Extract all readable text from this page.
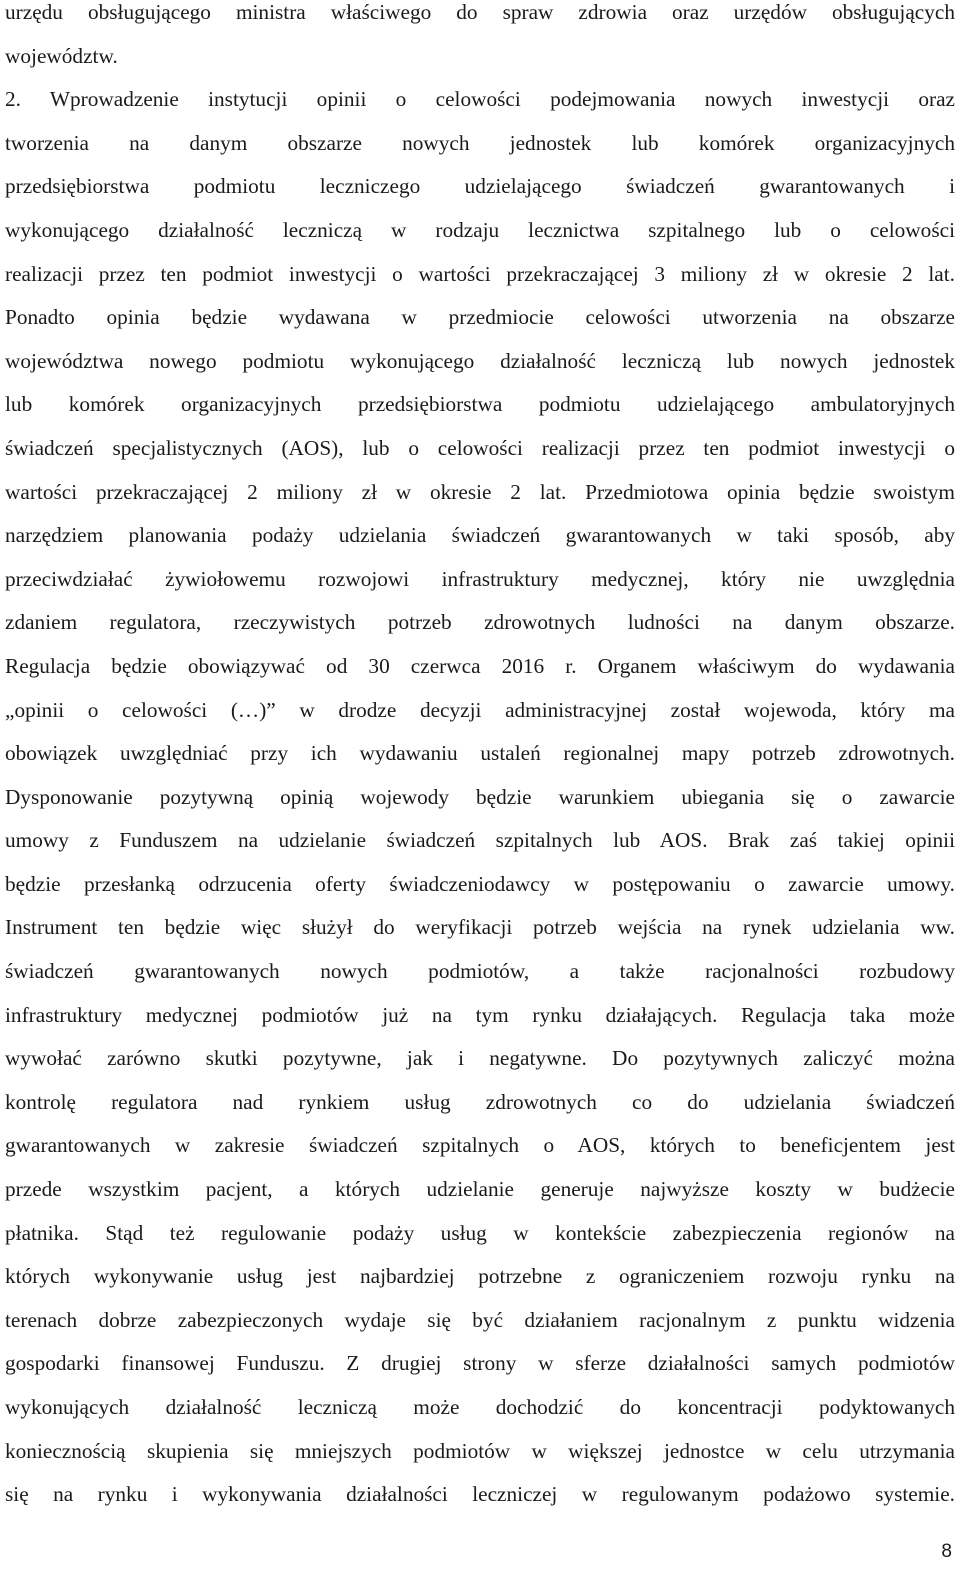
urzędu obsługującego ministra właściwego do spraw zdrowia oraz urzędów obsługujących
województw.
2. Wprowadzenie instytucji opinii o celowości podejmowania nowych inwestycji oraz
tworzenia na danym obszarze nowych jednostek lub komórek organizacyjnych
przedsiębiorstwa podmiotu leczniczego udzielającego świadczeń gwarantowanych i
wykonującego działalność leczniczą w rodzaju lecznictwa szpitalnego lub o celowości
realizacji przez ten podmiot inwestycji o wartości przekraczającej 3 miliony zł w okresie 2 lat.
Ponadto opinia będzie wydawana w przedmiocie celowości utworzenia na obszarze
województwa nowego podmiotu wykonującego działalność leczniczą lub nowych jednostek
lub komórek organizacyjnych przedsiębiorstwa podmiotu udzielającego ambulatoryjnych
świadczeń specjalistycznych (AOS), lub o celowości realizacji przez ten podmiot inwestycji o
wartości przekraczającej 2 miliony zł w okresie 2 lat. Przedmiotowa opinia będzie swoistym
narzędziem planowania podaży udzielania świadczeń gwarantowanych w taki sposób, aby
przeciwdziałać żywiołowemu rozwojowi infrastruktury medycznej, który nie uwzględnia
zdaniem regulatora, rzeczywistych potrzeb zdrowotnych ludności na danym obszarze.
Regulacja będzie obowiązywać od 30 czerwca 2016 r. Organem właściwym do wydawania
„opinii o celowości (…)” w drodze decyzji administracyjnej został wojewoda, który ma
obowiązek uwzględniać przy ich wydawaniu ustaleń regionalnej mapy potrzeb zdrowotnych.
Dysponowanie pozytywną opinią wojewody będzie warunkiem ubiegania się o zawarcie
umowy z Funduszem na udzielanie świadczeń szpitalnych lub AOS. Brak zaś takiej opinii
będzie przesłanką odrzucenia oferty świadczeniodawcy w postępowaniu o zawarcie umowy.
Instrument ten będzie więc służył do weryfikacji potrzeb wejścia na rynek udzielania ww.
świadczeń gwarantowanych nowych podmiotów, a także racjonalności rozbudowy
infrastruktury medycznej podmiotów już na tym rynku działających. Regulacja taka może
wywołać zarówno skutki pozytywne, jak i negatywne. Do pozytywnych zaliczyć można
kontrolę regulatora nad rynkiem usług zdrowotnych co do udzielania świadczeń
gwarantowanych w zakresie świadczeń szpitalnych o AOS, których to beneficjentem jest
przede wszystkim pacjent, a których udzielanie generuje najwyższe koszty w budżecie
płatnika. Stąd też regulowanie podaży usług w kontekście zabezpieczenia regionów na
których wykonywanie usług jest najbardziej potrzebne z ograniczeniem rozwoju rynku na
terenach dobrze zabezpieczonych wydaje się być działaniem racjonalnym z punktu widzenia
gospodarki finansowej Funduszu. Z drugiej strony w sferze działalności samych podmiotów
wykonujących działalność leczniczą może dochodzić do koncentracji podyktowanych
koniecznością skupienia się mniejszych podmiotów w większej jednostce w celu utrzymania
się na rynku i wykonywania działalności leczniczej w regulowanym podażowo systemie.
8
